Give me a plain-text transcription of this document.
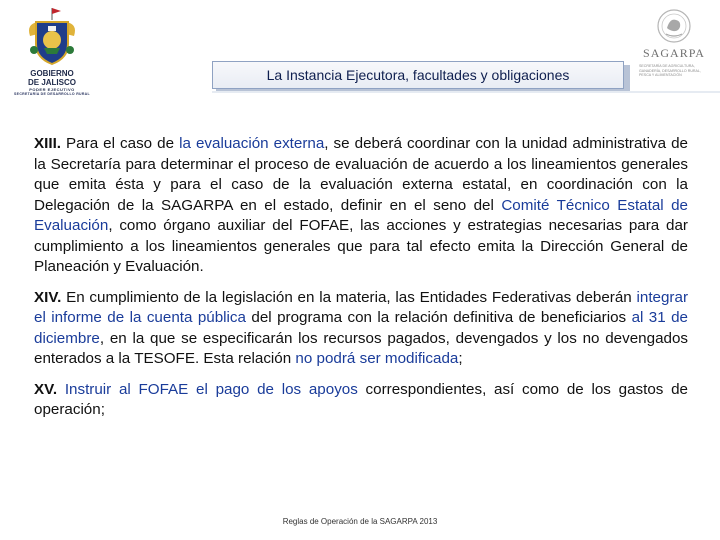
GOBIERNO
DE JALISCO
PODER EJECUTIVO
SECRETARÍA DE DESARROLLO RURAL
SAGARPA
SECRETARÍA DE AGRICULTURA,
GANADERÍA, DESARROLLO RURAL,
PESCA Y ALIMENTACIÓN
La Instancia Ejecutora, facultades y obligaciones

XIII. Para el caso de la evaluación externa, se deberá coordinar con la unidad administrativa de la Secretaría para determinar el proceso de evaluación de acuerdo a los lineamientos generales que emita ésta y para el caso de la evaluación externa estatal, en coordinación con la Delegación de la SAGARPA en el estado, definir en el seno del Comité Técnico Estatal de Evaluación, como órgano auxiliar del FOFAE, las acciones y estrategias necesarias para dar cumplimiento a los lineamientos generales que para tal efecto emita la Dirección General de Planeación y Evaluación.

XIV. En cumplimiento de la legislación en la materia, las Entidades Federativas deberán integrar el informe de la cuenta pública del programa con la relación definitiva de beneficiarios al 31 de diciembre, en la que se especificarán los recursos pagados, devengados y los no devengados enterados a la TESOFE. Esta relación no podrá ser modificada;

XV. Instruir al FOFAE el pago de los apoyos correspondientes, así como de los gastos de operación;

Reglas de Operación de la SAGARPA 2013
